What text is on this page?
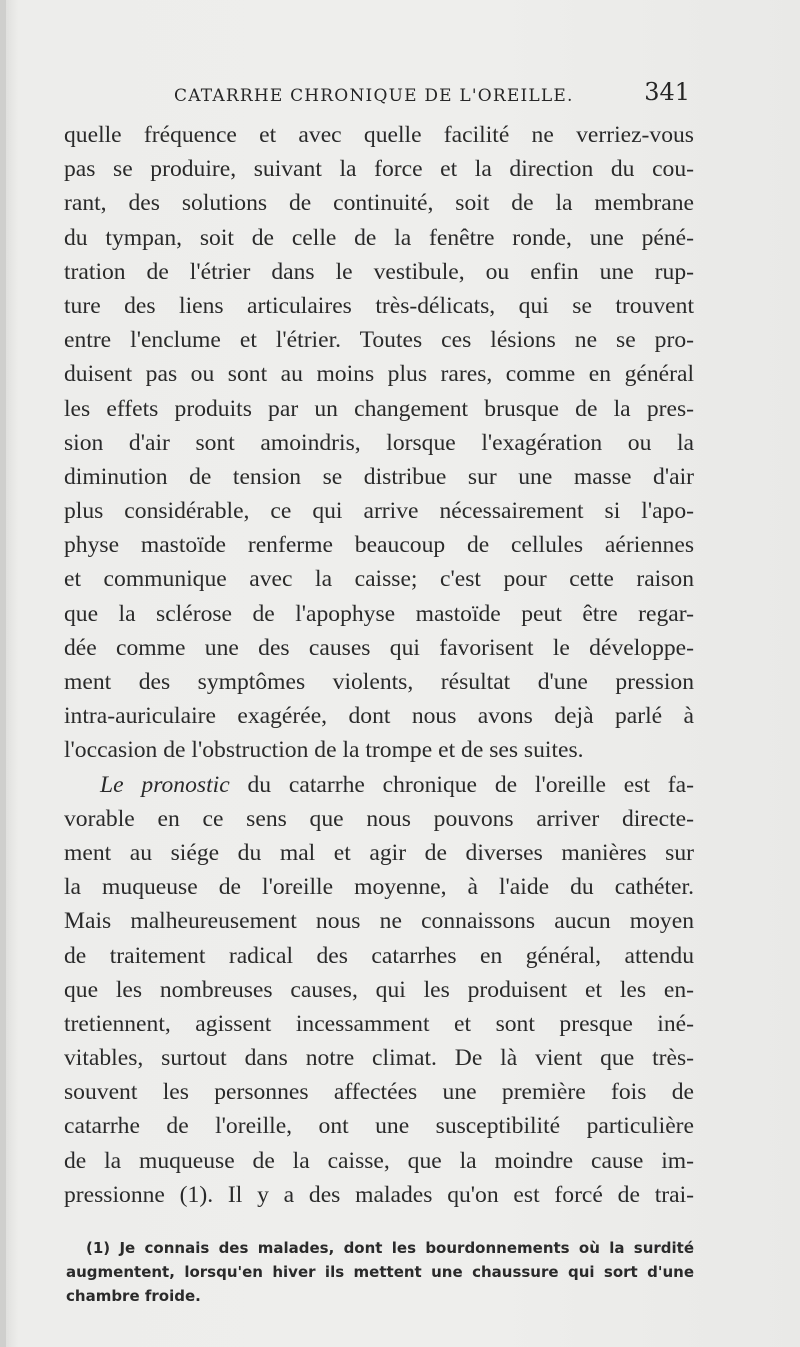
CATARRHE CHRONIQUE DE L'OREILLE.	341
quelle fréquence et avec quelle facilité ne verriez-vous
pas se produire, suivant la force et la direction du cou-
rant, des solutions de continuité, soit de la membrane
du tympan, soit de celle de la fenêtre ronde, une péné-
tration de l'étrier dans le vestibule, ou enfin une rup-
ture des liens articulaires très-délicats, qui se trouvent
entre l'enclume et l'étrier. Toutes ces lésions ne se pro-
duisent pas ou sont au moins plus rares, comme en général
les effets produits par un changement brusque de la pres-
sion d'air sont amoindris, lorsque l'exagération ou la
diminution de tension se distribue sur une masse d'air
plus considérable, ce qui arrive nécessairement si l'apo-
physe mastoïde renferme beaucoup de cellules aériennes
et communique avec la caisse; c'est pour cette raison
que la sclérose de l'apophyse mastoïde peut être regar-
dée comme une des causes qui favorisent le développe-
ment des symptômes violents, résultat d'une pression
intra-auriculaire exagérée, dont nous avons dejà parlé à
l'occasion de l'obstruction de la trompe et de ses suites.
Le pronostic du catarrhe chronique de l'oreille est fa-
vorable en ce sens que nous pouvons arriver directe-
ment au siége du mal et agir de diverses manières sur
la muqueuse de l'oreille moyenne, à l'aide du cathéter.
Mais malheureusement nous ne connaissons aucun moyen
de traitement radical des catarrhes en général, attendu
que les nombreuses causes, qui les produisent et les en-
tretiennent, agissent incessamment et sont presque iné-
vitables, surtout dans notre climat. De là vient que très-
souvent les personnes affectées une première fois de
catarrhe de l'oreille, ont une susceptibilité particulière
de la muqueuse de la caisse, que la moindre cause im-
pressionne (1). Il y a des malades qu'on est forcé de trai-
(1) Je connais des malades, dont les bourdonnements où la surdité
augmentent, lorsqu'en hiver ils mettent une chaussure qui sort d'une
chambre froide.
